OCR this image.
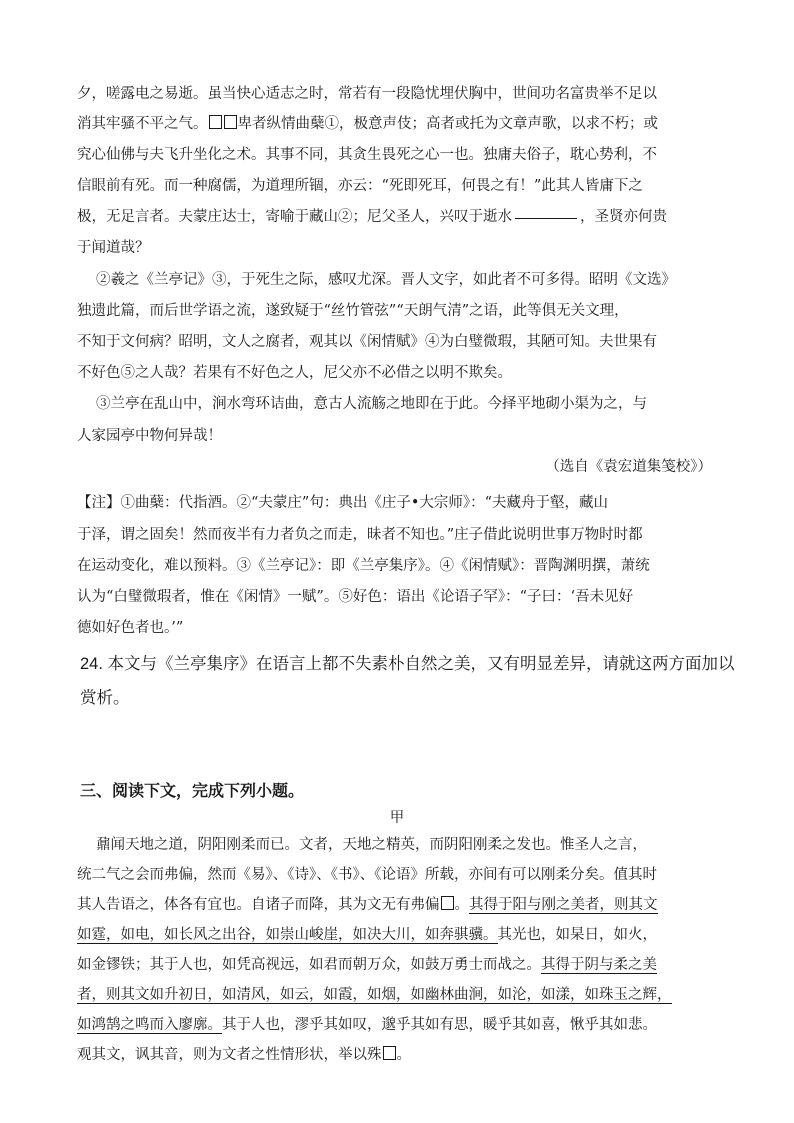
夕，嗟露电之易逝。虽当快心适志之时，常若有一段隐忧埋伏胸中，世间功名富贵举不足以
消其牢骚不平之气。 卑者纵情曲蘖①，极意声伎；高者或托为文章声歌，以求不朽；或
究心仙佛与夫飞升坐化之术。其事不同，其贪生畏死之心一也。独庸夫俗子，耽心势利，不
信眼前有死。而一种腐儒，为道理所锢，亦云：“死即死耳，何畏之有！”此其人皆庸下之
极，无足言者。夫蒙庄达士，寄喻于藏山②；尼父圣人，兴叹于逝水	，圣贤亦何贵
于闻道哉？
②羲之《兰亭记》③，于死生之际，感叹尤深。晋人文字，如此者不可多得。昭明《文选》
独遗此篇，而后世学语之流，遂致疑于“丝竹管弦”“天朗气清”之语，此等俱无关文理，
不知于文何病？昭明，文人之腐者，观其以《闲情赋》④为白璧微瑕，其陋可知。夫世果有
不好色⑤之人哉？若果有不好色之人，尼父亦不必借之以明不欺矣。
③兰亭在乱山中，涧水弯环诘曲，意古人流觞之地即在于此。今择平地砌小渠为之，与
人家园亭中物何异哉！
（选自《袁宏道集笺校》）
【注】①曲蘖：代指酒。②“夫蒙庄”句：典出《庄子•大宗师》：“夫藏舟于壑，藏山
于泽，谓之固矣！然而夜半有力者负之而走，昧者不知也。”庄子借此说明世事万物时时都
在运动变化，难以预料。③《兰亭记》：即《兰亭集序》。④《闲情赋》：晋陶渊明撰，萧统
认为“白璧微瑕者，惟在《闲情》一赋”。⑤好色：语出《论语子罕》：“子曰：‘吾未见好
德如好色者也。’”
24. 本文与《兰亭集序》在语言上都不失素朴自然之美，又有明显差异，请就这两方面加以
赏析。
三、阅读下文，完成下列小题。
甲
鼐闻天地之道，阴阳刚柔而已。文者，天地之精英，而阴阳刚柔之发也。惟圣人之言，
统二气之会而弗偏，然而《易》、《诗》、《书》、《论语》所载，亦间有可以刚柔分矣。值其时
其人告语之，体各有宜也。自诸子而降，其为文无有弗偏 。其得于阳与刚之美者，则其文
如霆，如电，如长风之出谷，如崇山峻崖，如决大川，如奔骐骥。其光也，如杲日，如火，
如金镠铁；其于人也，如凭高视远，如君而朝万众，如鼓万勇士而战之。其得于阴与柔之美
者，则其文如升初日，如清风，如云，如霞，如烟，如幽林曲涧，如沦，如漾，如珠玉之辉，
如鸿鹄之鸣而入廖廓。其于人也，漻乎其如叹，邈乎其如有思，暖乎其如喜，愀乎其如悲。
观其文，讽其音，则为文者之性情形状，举以殊 。
